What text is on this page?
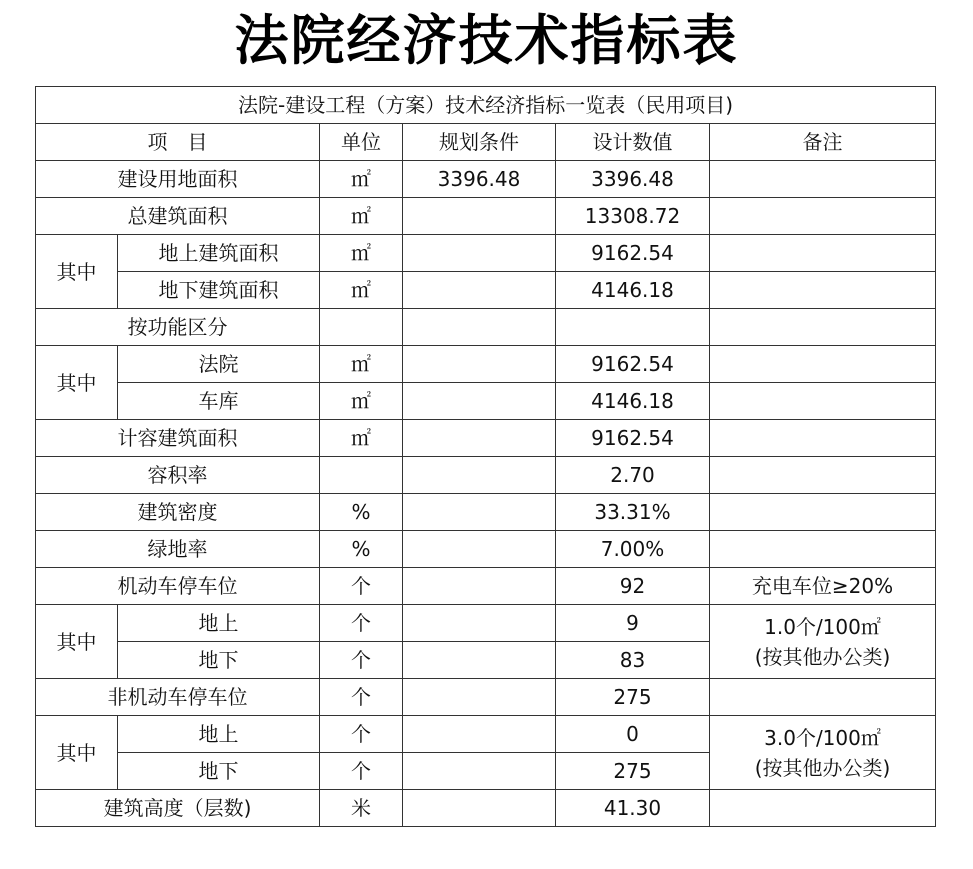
法院经济技术指标表
法院-建设工程（方案）技术经济指标一览表（民用项目)					
项　目		单位	规划条件	设计数值	备注
建设用地面积		㎡	3396.48	3396.48	
总建筑面积		㎡		13308.72	
其中	地上建筑面积	㎡		9162.54	
	地下建筑面积	㎡		4146.18	
按功能区分					
其中	法院	㎡		9162.54	
	车库	㎡		4146.18	
计容建筑面积		㎡		9162.54	
容积率				2.70	
建筑密度		%		33.31%	
绿地率		%		7.00%	
机动车停车位		个		92	充电车位≥20%
其中	地上	个		9	1.0个/100㎡
(按其他办公类)

	地下	个		83	
非机动车停车位		个		275	
其中	地上	个		0	3.0个/100㎡
(按其他办公类)

	地下	个		275	
建筑高度（层数)		米		41.30	
